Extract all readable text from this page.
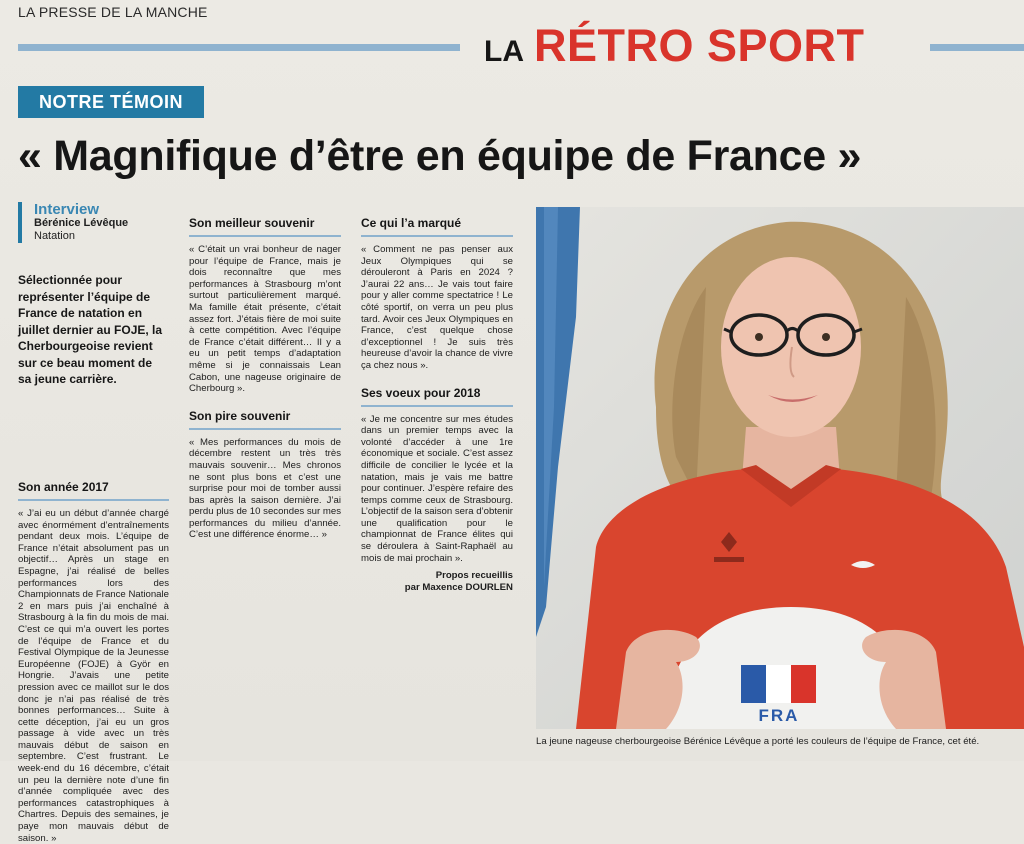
LA PRESSE DE LA MANCHE
LA RÉTRO SPORT
NOTRE TÉMOIN
« Magnifique d’être en équipe de France »
Interview
Bérénice Lévêque
Natation

Sélectionnée pour représenter l’équipe de France de natation en juillet dernier au FOJE, la Cherbourgeoise revient sur ce beau moment de sa jeune carrière.

Son année 2017

« J’ai eu un début d’année chargé avec énormément d’entraînements pendant deux mois. L’équipe de France n’était absolument pas un objectif… Après un stage en Espagne, j’ai réalisé de belles performances lors des Championnats de France Nationale 2 en mars puis j’ai enchaîné à Strasbourg à la fin du mois de mai. C’est ce qui m’a ouvert les portes de l’équipe de France et du Festival Olympique de la Jeunesse Européenne (FOJE) à Györ en Hongrie. J’avais une petite pression avec ce maillot sur le dos donc je n’ai pas réalisé de très bonnes performances… Suite à cette déception, j’ai eu un gros passage à vide avec un très mauvais début de saison en septembre. C’est frustrant. Le week-end du 16 décembre, c’était un peu la dernière note d’une fin d’année compliquée avec des performances catastrophiques à Chartres. Depuis des semaines, je paye mon mauvais début de saison. »

Son meilleur souvenir

« C’était un vrai bonheur de nager pour l’équipe de France, mais je dois reconnaître que mes performances à Strasbourg m’ont surtout particulièrement marqué. Ma famille était présente, c’était assez fort. J’étais fière de moi suite à cette compétition. Avec l’équipe de France c’était différent… Il y a eu un petit temps d’adaptation même si je connaissais Lean Cabon, une nageuse originaire de Cherbourg ».

Son pire souvenir

« Mes performances du mois de décembre restent un très très mauvais souvenir… Mes chronos ne sont plus bons et c’est une surprise pour moi de tomber aussi bas après la saison dernière. J’ai perdu plus de 10 secondes sur mes performances du milieu d’année. C’est une différence énorme… »

Ce qui l’a marqué

« Comment ne pas penser aux Jeux Olympiques qui se dérouleront à Paris en 2024 ? J’aurai 22 ans… Je vais tout faire pour y aller comme spectatrice ! Le côté sportif, on verra un peu plus tard. Avoir ces Jeux Olympiques en France, c’est quelque chose d’exceptionnel ! Je suis très heureuse d’avoir la chance de vivre ça chez nous ».

Ses voeux pour 2018

« Je me concentre sur mes études dans un premier temps avec la volonté d’accéder à une 1re économique et sociale. C’est assez difficile de concilier le lycée et la natation, mais je vais me battre pour continuer. J’espère refaire des temps comme ceux de Strasbourg. L’objectif de la saison sera d’obtenir une qualification pour le championnat de France élites qui se déroulera à Saint-Raphaël au mois de mai prochain ».

Propos recueillis
par Maxence DOURLEN
FRA
La jeune nageuse cherbourgeoise Bérénice Lévêque a porté les couleurs de l’équipe de France, cet été.
